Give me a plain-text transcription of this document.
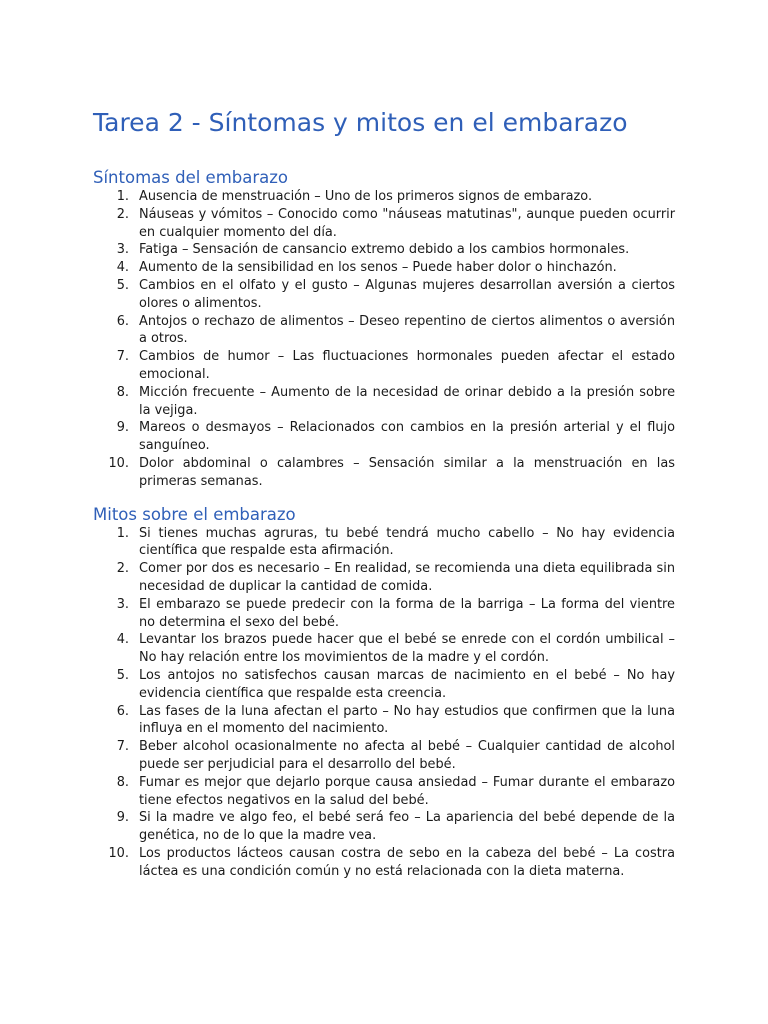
Tarea 2 - Síntomas y mitos en el embarazo
Síntomas del embarazo
1. Ausencia de menstruación – Uno de los primeros signos de embarazo.
2. Náuseas y vómitos – Conocido como "náuseas matutinas", aunque pueden ocurrir en cualquier momento del día.
3. Fatiga – Sensación de cansancio extremo debido a los cambios hormonales.
4. Aumento de la sensibilidad en los senos – Puede haber dolor o hinchazón.
5. Cambios en el olfato y el gusto – Algunas mujeres desarrollan aversión a ciertos olores o alimentos.
6. Antojos o rechazo de alimentos – Deseo repentino de ciertos alimentos o aversión a otros.
7. Cambios de humor – Las fluctuaciones hormonales pueden afectar el estado emocional.
8. Micción frecuente – Aumento de la necesidad de orinar debido a la presión sobre la vejiga.
9. Mareos o desmayos – Relacionados con cambios en la presión arterial y el flujo sanguíneo.
10. Dolor abdominal o calambres – Sensación similar a la menstruación en las primeras semanas.
Mitos sobre el embarazo
1. Si tienes muchas agruras, tu bebé tendrá mucho cabello – No hay evidencia científica que respalde esta afirmación.
2. Comer por dos es necesario – En realidad, se recomienda una dieta equilibrada sin necesidad de duplicar la cantidad de comida.
3. El embarazo se puede predecir con la forma de la barriga – La forma del vientre no determina el sexo del bebé.
4. Levantar los brazos puede hacer que el bebé se enrede con el cordón umbilical – No hay relación entre los movimientos de la madre y el cordón.
5. Los antojos no satisfechos causan marcas de nacimiento en el bebé – No hay evidencia científica que respalde esta creencia.
6. Las fases de la luna afectan el parto – No hay estudios que confirmen que la luna influya en el momento del nacimiento.
7. Beber alcohol ocasionalmente no afecta al bebé – Cualquier cantidad de alcohol puede ser perjudicial para el desarrollo del bebé.
8. Fumar es mejor que dejarlo porque causa ansiedad – Fumar durante el embarazo tiene efectos negativos en la salud del bebé.
9. Si la madre ve algo feo, el bebé será feo – La apariencia del bebé depende de la genética, no de lo que la madre vea.
10. Los productos lácteos causan costra de sebo en la cabeza del bebé – La costra láctea es una condición común y no está relacionada con la dieta materna.
